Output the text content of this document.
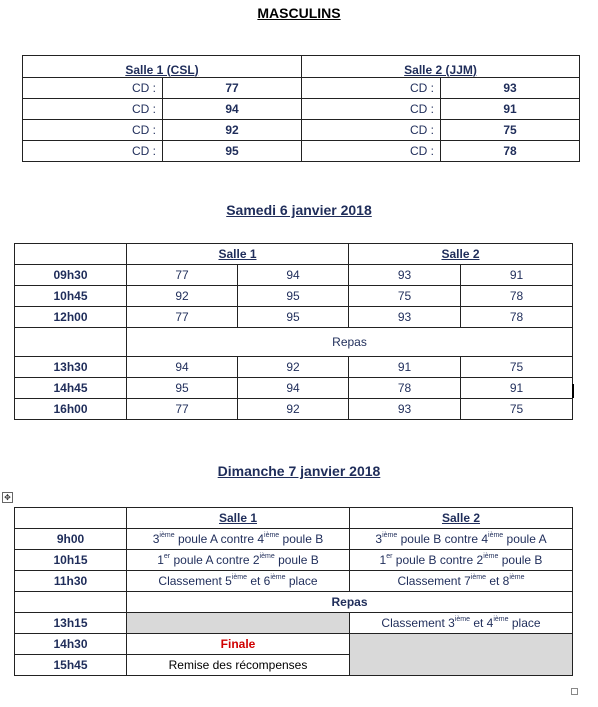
MASCULINS
Salle 1 (CSL)		Salle 2 (JJM)	
CD :	77	CD :	93
CD :	94	CD :	91
CD :	92	CD :	75
CD :	95	CD :	78
Samedi 6 janvier 2018
	Salle 1		Salle 2	
09h30	77	94	93	91
10h45	92	95	75	78
12h00	77	95	93	78
	Repas			
13h30	94	92	91	75
14h45	95	94	78	91
16h00	77	92	93	75
Dimanche 7 janvier 2018
✥
	Salle 1	Salle 2
9h00	3ième poule A contre 4ième poule B	3ième poule B contre 4ième poule A
10h15	1er poule A contre 2ième poule B	1er poule B contre 2ième poule B
11h30	Classement 5ième et 6ième place	Classement 7ième et 8ième
	Repas	
13h15		Classement 3ième et 4ième place
14h30	Finale	
15h45	Remise des récompenses	
